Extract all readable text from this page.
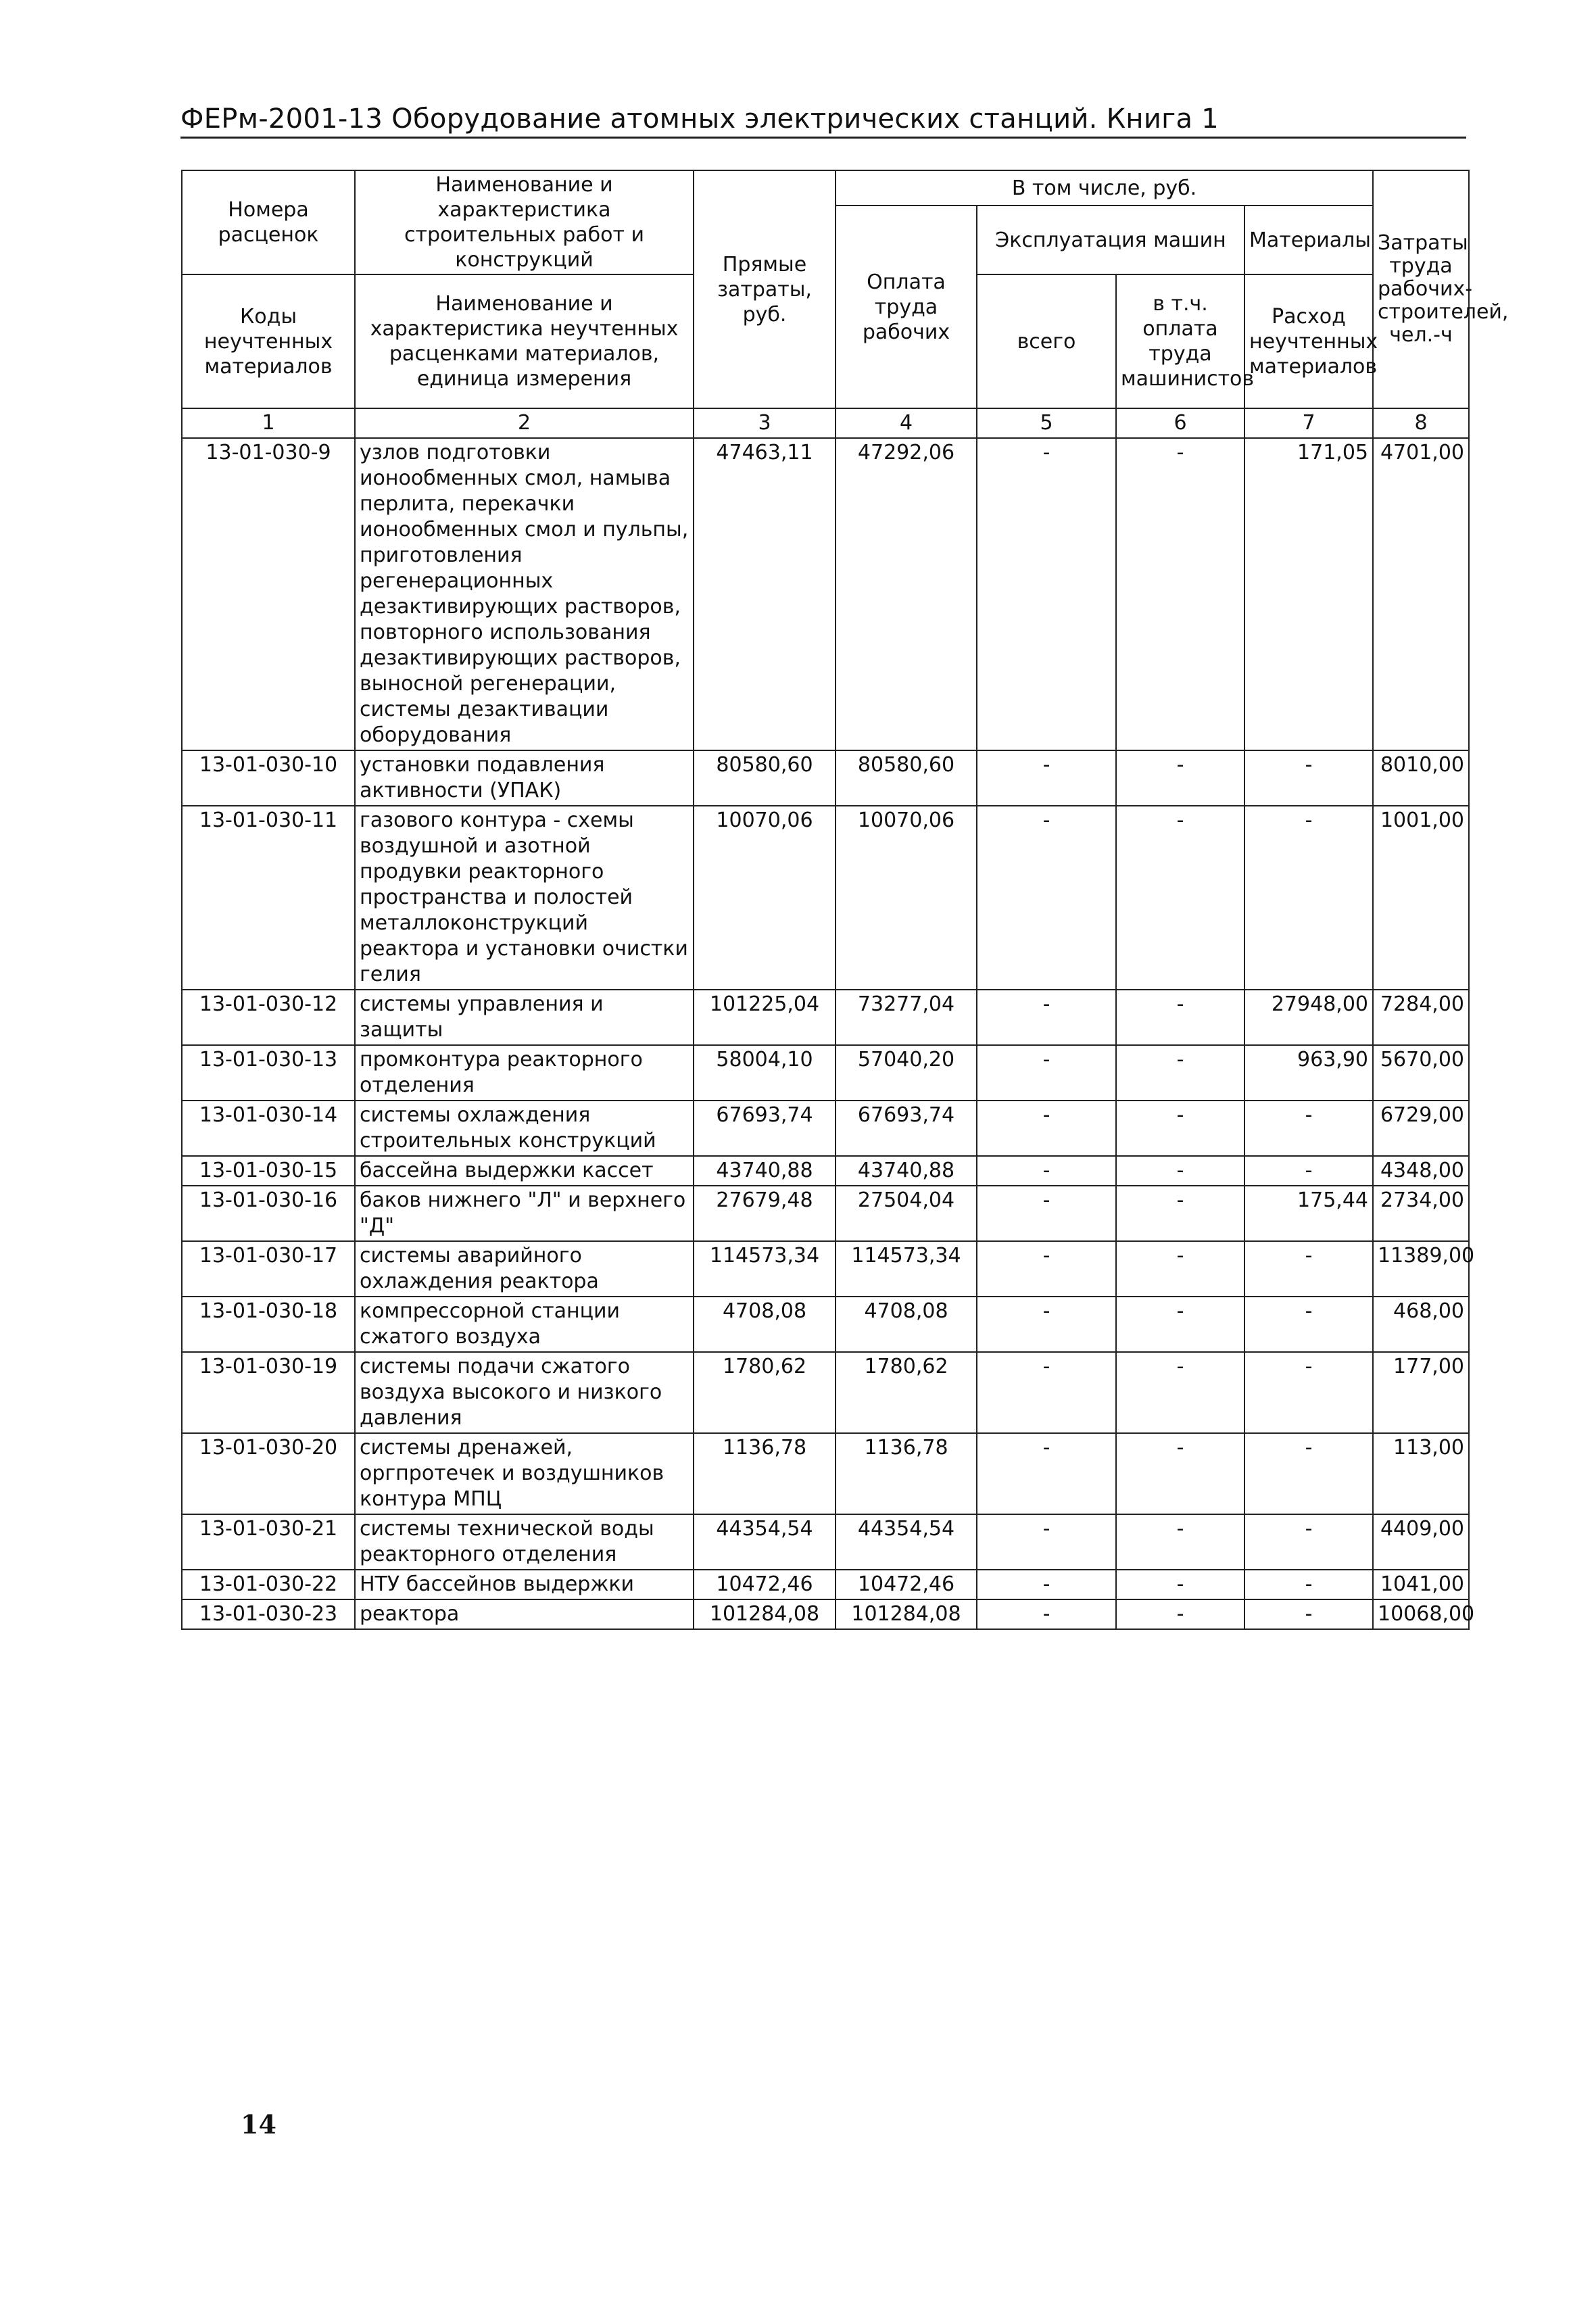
ФЕРм-2001-13 Оборудование атомных электрических станций. Книга 1
Номера расценок	Наименование и характеристика строительных работ и конструкций	Прямые затраты, руб.	В том числе, руб.				Затраты труда рабочих-строителей, чел.-ч
			Оплата труда рабочих	Эксплуатация машин		Материалы	
Коды неучтенных материалов	Наименование и характеристика неучтенных расценками материалов, единица измерения			всего	в т.ч. оплата труда машинистов	Расход неучтенных материалов	
1	2	3	4	5	6	7	8
13-01-030-9	узлов подготовки ионообменных смол, намыва перлита, перекачки ионообменных смол и пульпы, приготовления регенерационных дезактивирующих растворов, повторного использования дезактивирующих растворов, выносной регенерации, системы дезактивации оборудования	47463,11	47292,06	-	-	171,05	4701,00
13-01-030-10	установки подавления активности (УПАК)	80580,60	80580,60	-	-	-	8010,00
13-01-030-11	газового контура - схемы воздушной и азотной продувки реакторного пространства и полостей металлоконструкций реактора и установки очистки гелия	10070,06	10070,06	-	-	-	1001,00
13-01-030-12	системы управления и защиты	101225,04	73277,04	-	-	27948,00	7284,00
13-01-030-13	промконтура реакторного отделения	58004,10	57040,20	-	-	963,90	5670,00
13-01-030-14	системы охлаждения строительных конструкций	67693,74	67693,74	-	-	-	6729,00
13-01-030-15	бассейна выдержки кассет	43740,88	43740,88	-	-	-	4348,00
13-01-030-16	баков нижнего "Л" и верхнего "Д"	27679,48	27504,04	-	-	175,44	2734,00
13-01-030-17	системы аварийного охлаждения реактора	114573,34	114573,34	-	-	-	11389,00
13-01-030-18	компрессорной станции сжатого воздуха	4708,08	4708,08	-	-	-	468,00
13-01-030-19	системы подачи сжатого воздуха высокого и низкого давления	1780,62	1780,62	-	-	-	177,00
13-01-030-20	системы дренажей, оргпротечек и воздушников контура МПЦ	1136,78	1136,78	-	-	-	113,00
13-01-030-21	системы технической воды реакторного отделения	44354,54	44354,54	-	-	-	4409,00
13-01-030-22	НТУ бассейнов выдержки	10472,46	10472,46	-	-	-	1041,00
13-01-030-23	реактора	101284,08	101284,08	-	-	-	10068,00
14
